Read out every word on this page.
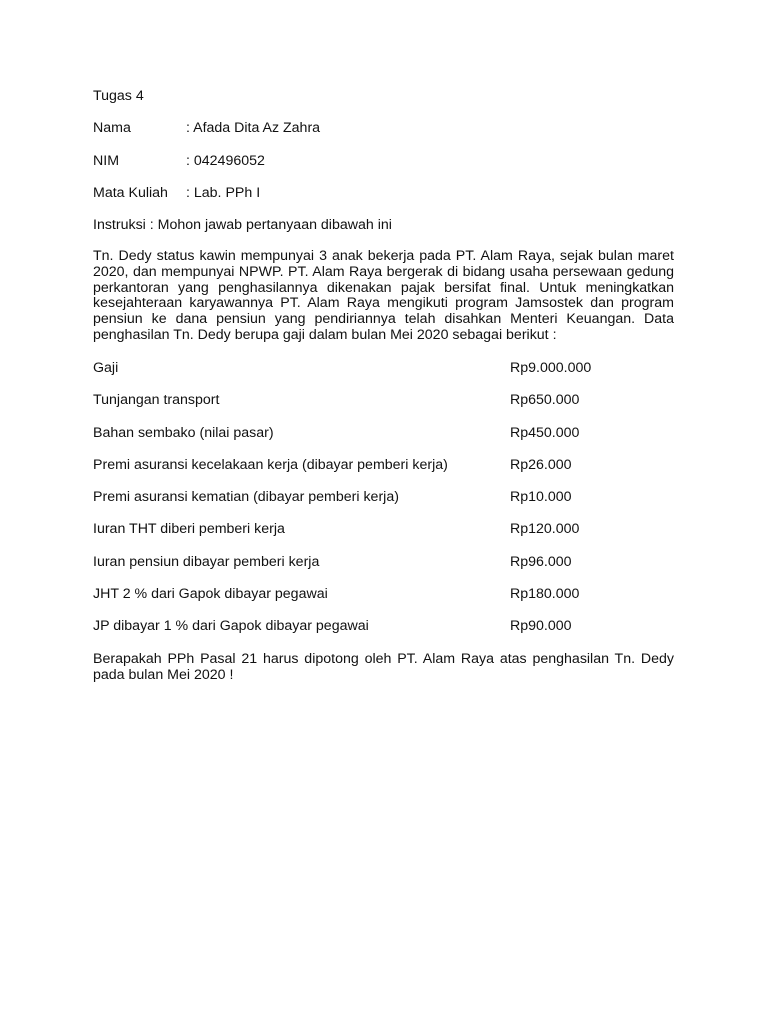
Tugas 4
Nama	: Afada Dita Az Zahra
NIM	: 042496052
Mata Kuliah : Lab. PPh I
Instruksi : Mohon jawab pertanyaan dibawah ini
Tn. Dedy status kawin mempunyai 3 anak bekerja pada PT. Alam Raya, sejak bulan maret
2020, dan mempunyai NPWP. PT. Alam Raya bergerak di bidang usaha persewaan gedung
perkantoran yang penghasilannya dikenakan pajak bersifat final. Untuk meningkatkan
kesejahteraan karyawannya PT. Alam Raya mengikuti program Jamsostek dan program
pensiun ke dana pensiun yang pendiriannya telah disahkan Menteri Keuangan. Data
penghasilan Tn. Dedy berupa gaji dalam bulan Mei 2020 sebagai berikut :
Gaji	Rp9.000.000
Tunjangan transport	Rp650.000
Bahan sembako (nilai pasar)	Rp450.000
Premi asuransi kecelakaan kerja (dibayar pemberi kerja)	Rp26.000
Premi asuransi kematian (dibayar pemberi kerja)	Rp10.000
Iuran THT diberi pemberi kerja	Rp120.000
Iuran pensiun dibayar pemberi kerja	Rp96.000
JHT 2 % dari Gapok dibayar pegawai	Rp180.000
JP dibayar 1 % dari Gapok dibayar pegawai	Rp90.000
Berapakah PPh Pasal 21 harus dipotong oleh PT. Alam Raya atas penghasilan Tn. Dedy
pada bulan Mei 2020 !
